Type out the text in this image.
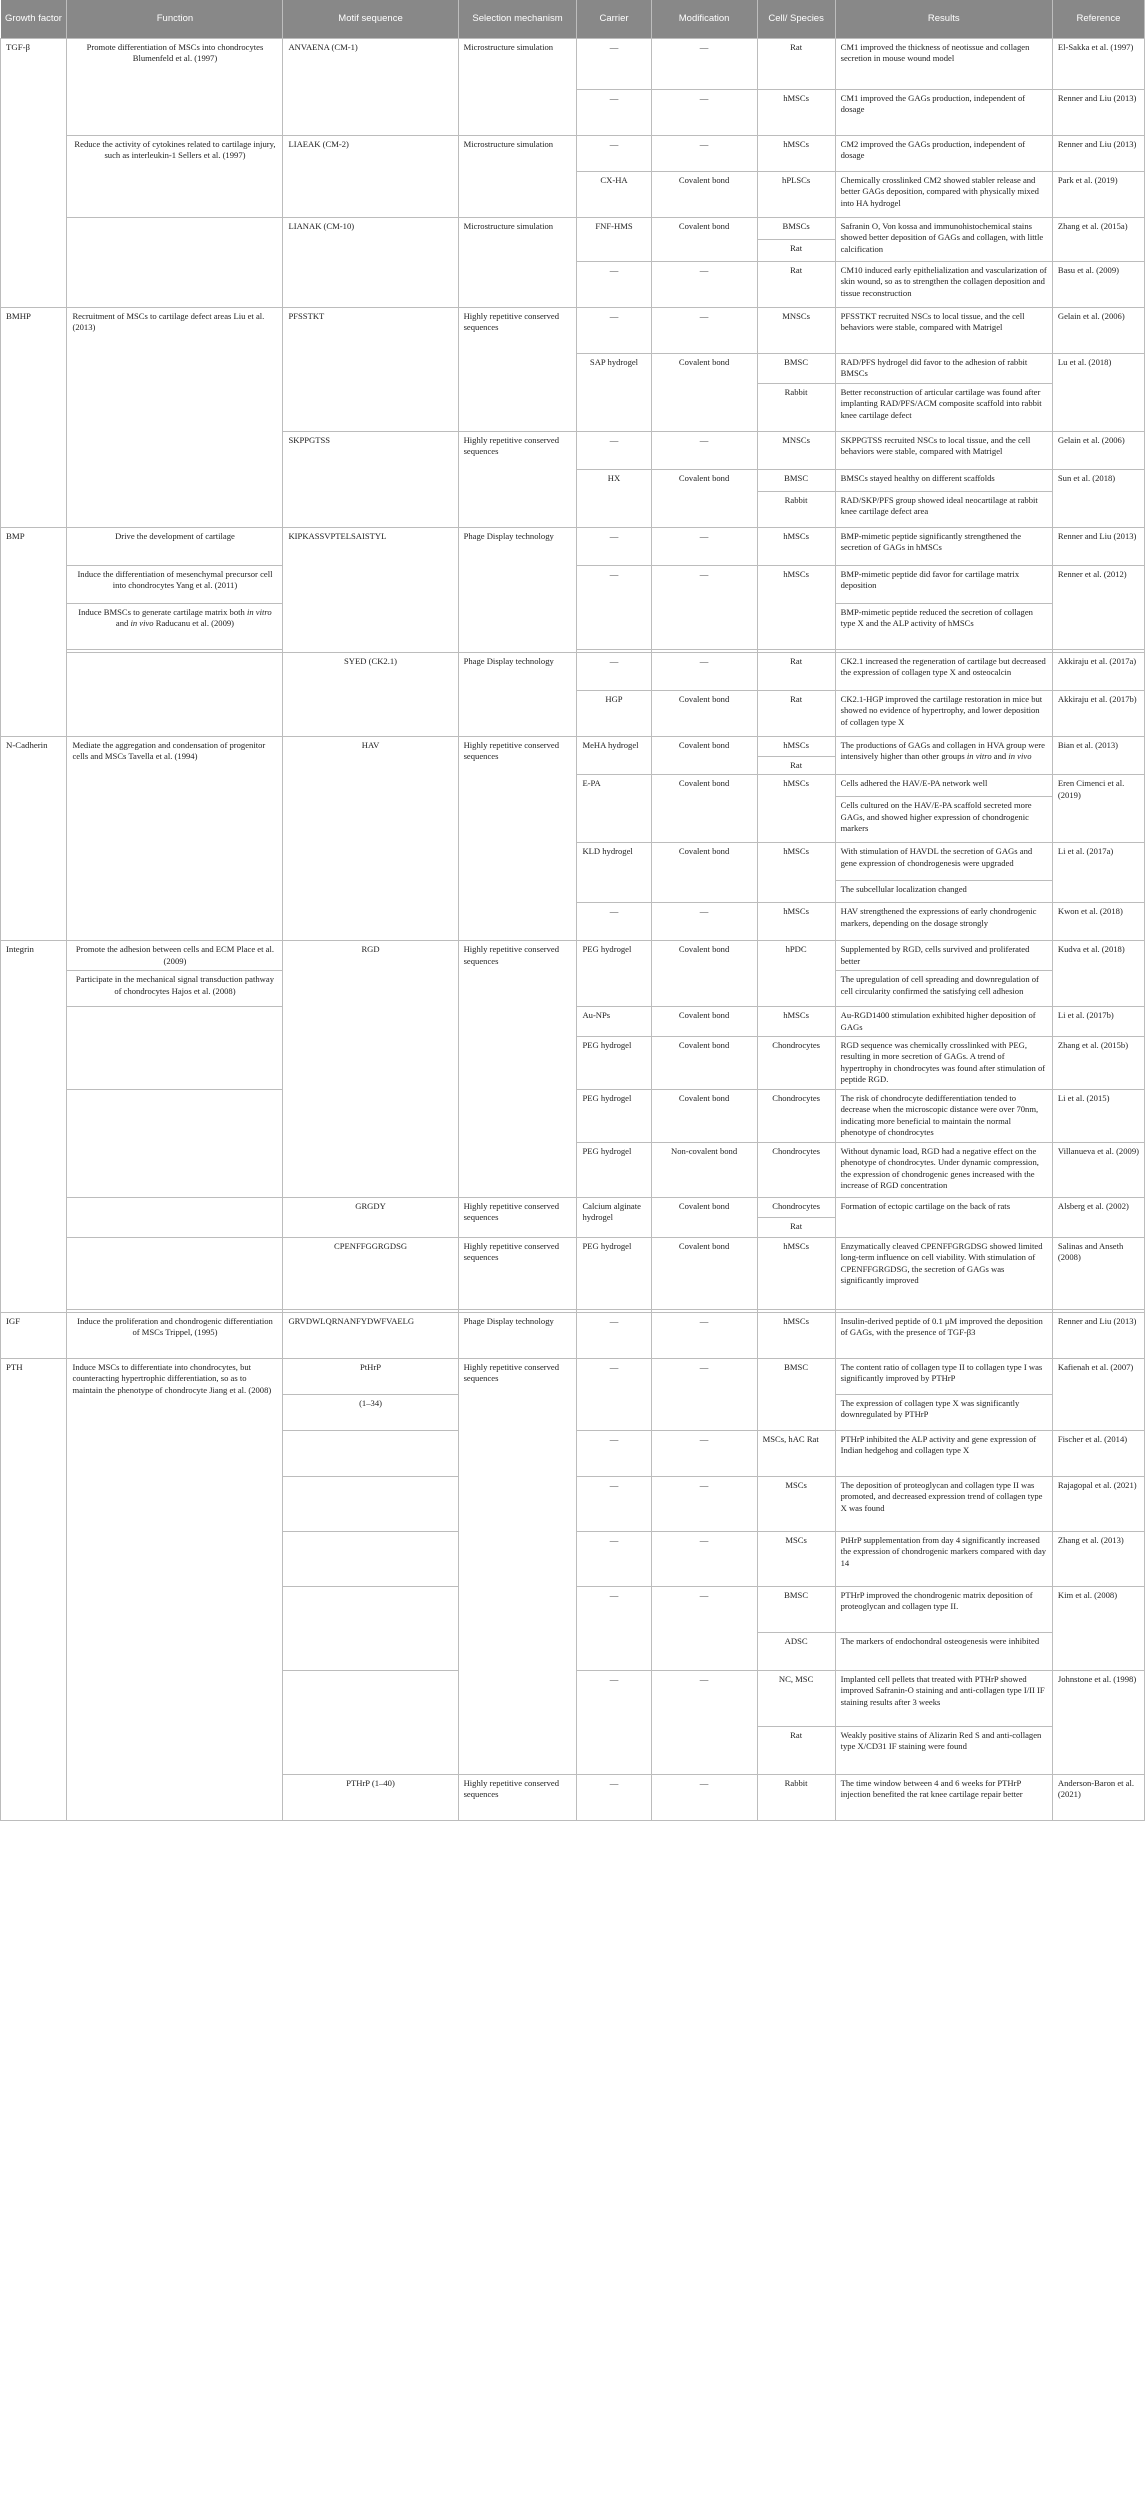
Growth factor	Function	Motif sequence	Selection mechanism	Carrier	Modification	Cell/ Species	Results	Reference
TGF-β	Promote differentiation of MSCs into chondrocytes Blumenfeld et al. (1997)	ANVAENA (CM-1)	Microstructure simulation	—	—	Rat	CM1 improved the thickness of neotissue and collagen secretion in mouse wound model	El-Sakka et al. (1997)
				—	—	hMSCs	CM1 improved the GAGs production, independent of dosage	Renner and Liu (2013)
	Reduce the activity of cytokines related to cartilage injury, such as interleukin-1 Sellers et al. (1997)	LIAEAK (CM-2)	Microstructure simulation	—	—	hMSCs	CM2 improved the GAGs production, independent of dosage	Renner and Liu (2013)
				CX-HA	Covalent bond	hPLSCs	Chemically crosslinked CM2 showed stabler release and better GAGs deposition, compared with physically mixed into HA hydrogel	Park et al. (2019)
		LIANAK (CM-10)	Microstructure simulation	FNF-HMS	Covalent bond	BMSCs	Safranin O, Von kossa and immunohistochemical stains showed better deposition of GAGs and collagen, with little calcification	Zhang et al. (2015a)
						Rat		
				—	—	Rat	CM10 induced early epithelialization and vascularization of skin wound, so as to strengthen the collagen deposition and tissue reconstruction	Basu et al. (2009)
BMHP	Recruitment of MSCs to cartilage defect areas Liu et al. (2013)	PFSSTKT	Highly repetitive conserved sequences	—	—	MNSCs	PFSSTKT recruited NSCs to local tissue, and the cell behaviors were stable, compared with Matrigel	Gelain et al. (2006)
				SAP hydrogel	Covalent bond	BMSC	RAD/PFS hydrogel did favor to the adhesion of rabbit BMSCs	Lu et al. (2018)
						Rabbit	Better reconstruction of articular cartilage was found after implanting RAD/PFS/ACM composite scaffold into rabbit knee cartilage defect	
		SKPPGTSS	Highly repetitive conserved sequences	—	—	MNSCs	SKPPGTSS recruited NSCs to local tissue, and the cell behaviors were stable, compared with Matrigel	Gelain et al. (2006)
				HX	Covalent bond	BMSC	BMSCs stayed healthy on different scaffolds	Sun et al. (2018)
						Rabbit	RAD/SKP/PFS group showed ideal neocartilage at rabbit knee cartilage defect area	
BMP	Drive the development of cartilage	KIPKASSVPTELSAISTYL	Phage Display technology	—	—	hMSCs	BMP-mimetic peptide significantly strengthened the secretion of GAGs in hMSCs	Renner and Liu (2013)
	Induce the differentiation of mesenchymal precursor cell into chondrocytes Yang et al. (2011)			—	—	hMSCs	BMP-mimetic peptide did favor for cartilage matrix deposition	Renner et al. (2012)
	Induce BMSCs to generate cartilage matrix both in vitro and in vivo Raducanu et al. (2009)						BMP-mimetic peptide reduced the secretion of collagen type X and the ALP activity of hMSCs	

		SYED (CK2.1)	Phage Display technology	—	—	Rat	CK2.1 increased the regeneration of cartilage but decreased the expression of collagen type X and osteocalcin	Akkiraju et al. (2017a)
				HGP	Covalent bond	Rat	CK2.1-HGP improved the cartilage restoration in mice but showed no evidence of hypertrophy, and lower deposition of collagen type X	Akkiraju et al. (2017b)
N-Cadherin	Mediate the aggregation and condensation of progenitor cells and MSCs Tavella et al. (1994)	HAV	Highly repetitive conserved sequences	MeHA hydrogel	Covalent bond	hMSCs	The productions of GAGs and collagen in HVA group were intensively higher than other groups in vitro and in vivo	Bian et al. (2013)
						Rat		
				E-PA	Covalent bond	hMSCs	Cells adhered the HAV/E-PA network well	Eren Cimenci et al. (2019)
							Cells cultured on the HAV/E-PA scaffold secreted more GAGs, and showed higher expression of chondrogenic markers	
				KLD hydrogel	Covalent bond	hMSCs	With stimulation of HAVDL the secretion of GAGs and gene expression of chondrogenesis were upgraded	Li et al. (2017a)
							The subcellular localization changed	
				—	—	hMSCs	HAV strengthened the expressions of early chondrogenic markers, depending on the dosage strongly	Kwon et al. (2018)
Integrin	Promote the adhesion between cells and ECM Place et al. (2009)	RGD	Highly repetitive conserved sequences	PEG hydrogel	Covalent bond	hPDC	Supplemented by RGD, cells survived and proliferated better	Kudva et al. (2018)
	Participate in the mechanical signal transduction pathway of chondrocytes Hajos et al. (2008)						The upregulation of cell spreading and downregulation of cell circularity confirmed the satisfying cell adhesion	
				Au-NPs	Covalent bond	hMSCs	Au-RGD1400 stimulation exhibited higher deposition of GAGs	Li et al. (2017b)
				PEG hydrogel	Covalent bond	Chondrocytes	RGD sequence was chemically crosslinked with PEG, resulting in more secretion of GAGs. A trend of hypertrophy in chondrocytes was found after stimulation of peptide RGD.	Zhang et al. (2015b)
				PEG hydrogel	Covalent bond	Chondrocytes	The risk of chondrocyte dedifferentiation tended to decrease when the microscopic distance were over 70nm, indicating more beneficial to maintain the normal phenotype of chondrocytes	Li et al. (2015)
				PEG hydrogel	Non-covalent bond	Chondrocytes	Without dynamic load, RGD had a negative effect on the phenotype of chondrocytes. Under dynamic compression, the expression of chondrogenic genes increased with the increase of RGD concentration	Villanueva et al. (2009)
		GRGDY	Highly repetitive conserved sequences	Calcium alginate hydrogel	Covalent bond	Chondrocytes	Formation of ectopic cartilage on the back of rats	Alsberg et al. (2002)
						Rat		
		CPENFFGGRGDSG	Highly repetitive conserved sequences	PEG hydrogel	Covalent bond	hMSCs	Enzymatically cleaved CPENFFGRGDSG showed limited long-term influence on cell viability. With stimulation of CPENFFGRGDSG, the secretion of GAGs was significantly improved	Salinas and Anseth (2008)

IGF	Induce the proliferation and chondrogenic differentiation of MSCs Trippel, (1995)	GRVDWLQRNANFYDWFVAELG	Phage Display technology	—	—	hMSCs	Insulin-derived peptide of 0.1 μM improved the deposition of GAGs, with the presence of TGF-β3	Renner and Liu (2013)
PTH	Induce MSCs to differentiate into chondrocytes, but counteracting hypertrophic differentiation, so as to maintain the phenotype of chondrocyte Jiang et al. (2008)	PtHrP	Highly repetitive conserved sequences	—	—	BMSC	The content ratio of collagen type II to collagen type I was significantly improved by PTHrP	Kafienah et al. (2007)
		(1–34)					The expression of collagen type X was significantly downregulated by PTHrP	
				—	—	MSCs, hAC Rat	PTHrP inhibited the ALP activity and gene expression of Indian hedgehog and collagen type X	Fischer et al. (2014)
				—	—	MSCs	The deposition of proteoglycan and collagen type II was promoted, and decreased expression trend of collagen type X was found	Rajagopal et al. (2021)
				—	—	MSCs	PtHrP supplementation from day 4 significantly increased the expression of chondrogenic markers compared with day 14	Zhang et al. (2013)
				—	—	BMSC	PTHrP improved the chondrogenic matrix deposition of proteoglycan and collagen type II.	Kim et al. (2008)
						ADSC	The markers of endochondral osteogenesis were inhibited	
				—	—	NC, MSC	Implanted cell pellets that treated with PTHrP showed improved Safranin-O staining and anti-collagen type I/II IF staining results after 3 weeks	Johnstone et al. (1998)
						Rat	Weakly positive stains of Alizarin Red S and anti-collagen type X/CD31 IF staining were found	
		PTHrP (1–40)	Highly repetitive conserved sequences	—	—	Rabbit	The time window between 4 and 6 weeks for PTHrP injection benefited the rat knee cartilage repair better	Anderson-Baron et al. (2021)
